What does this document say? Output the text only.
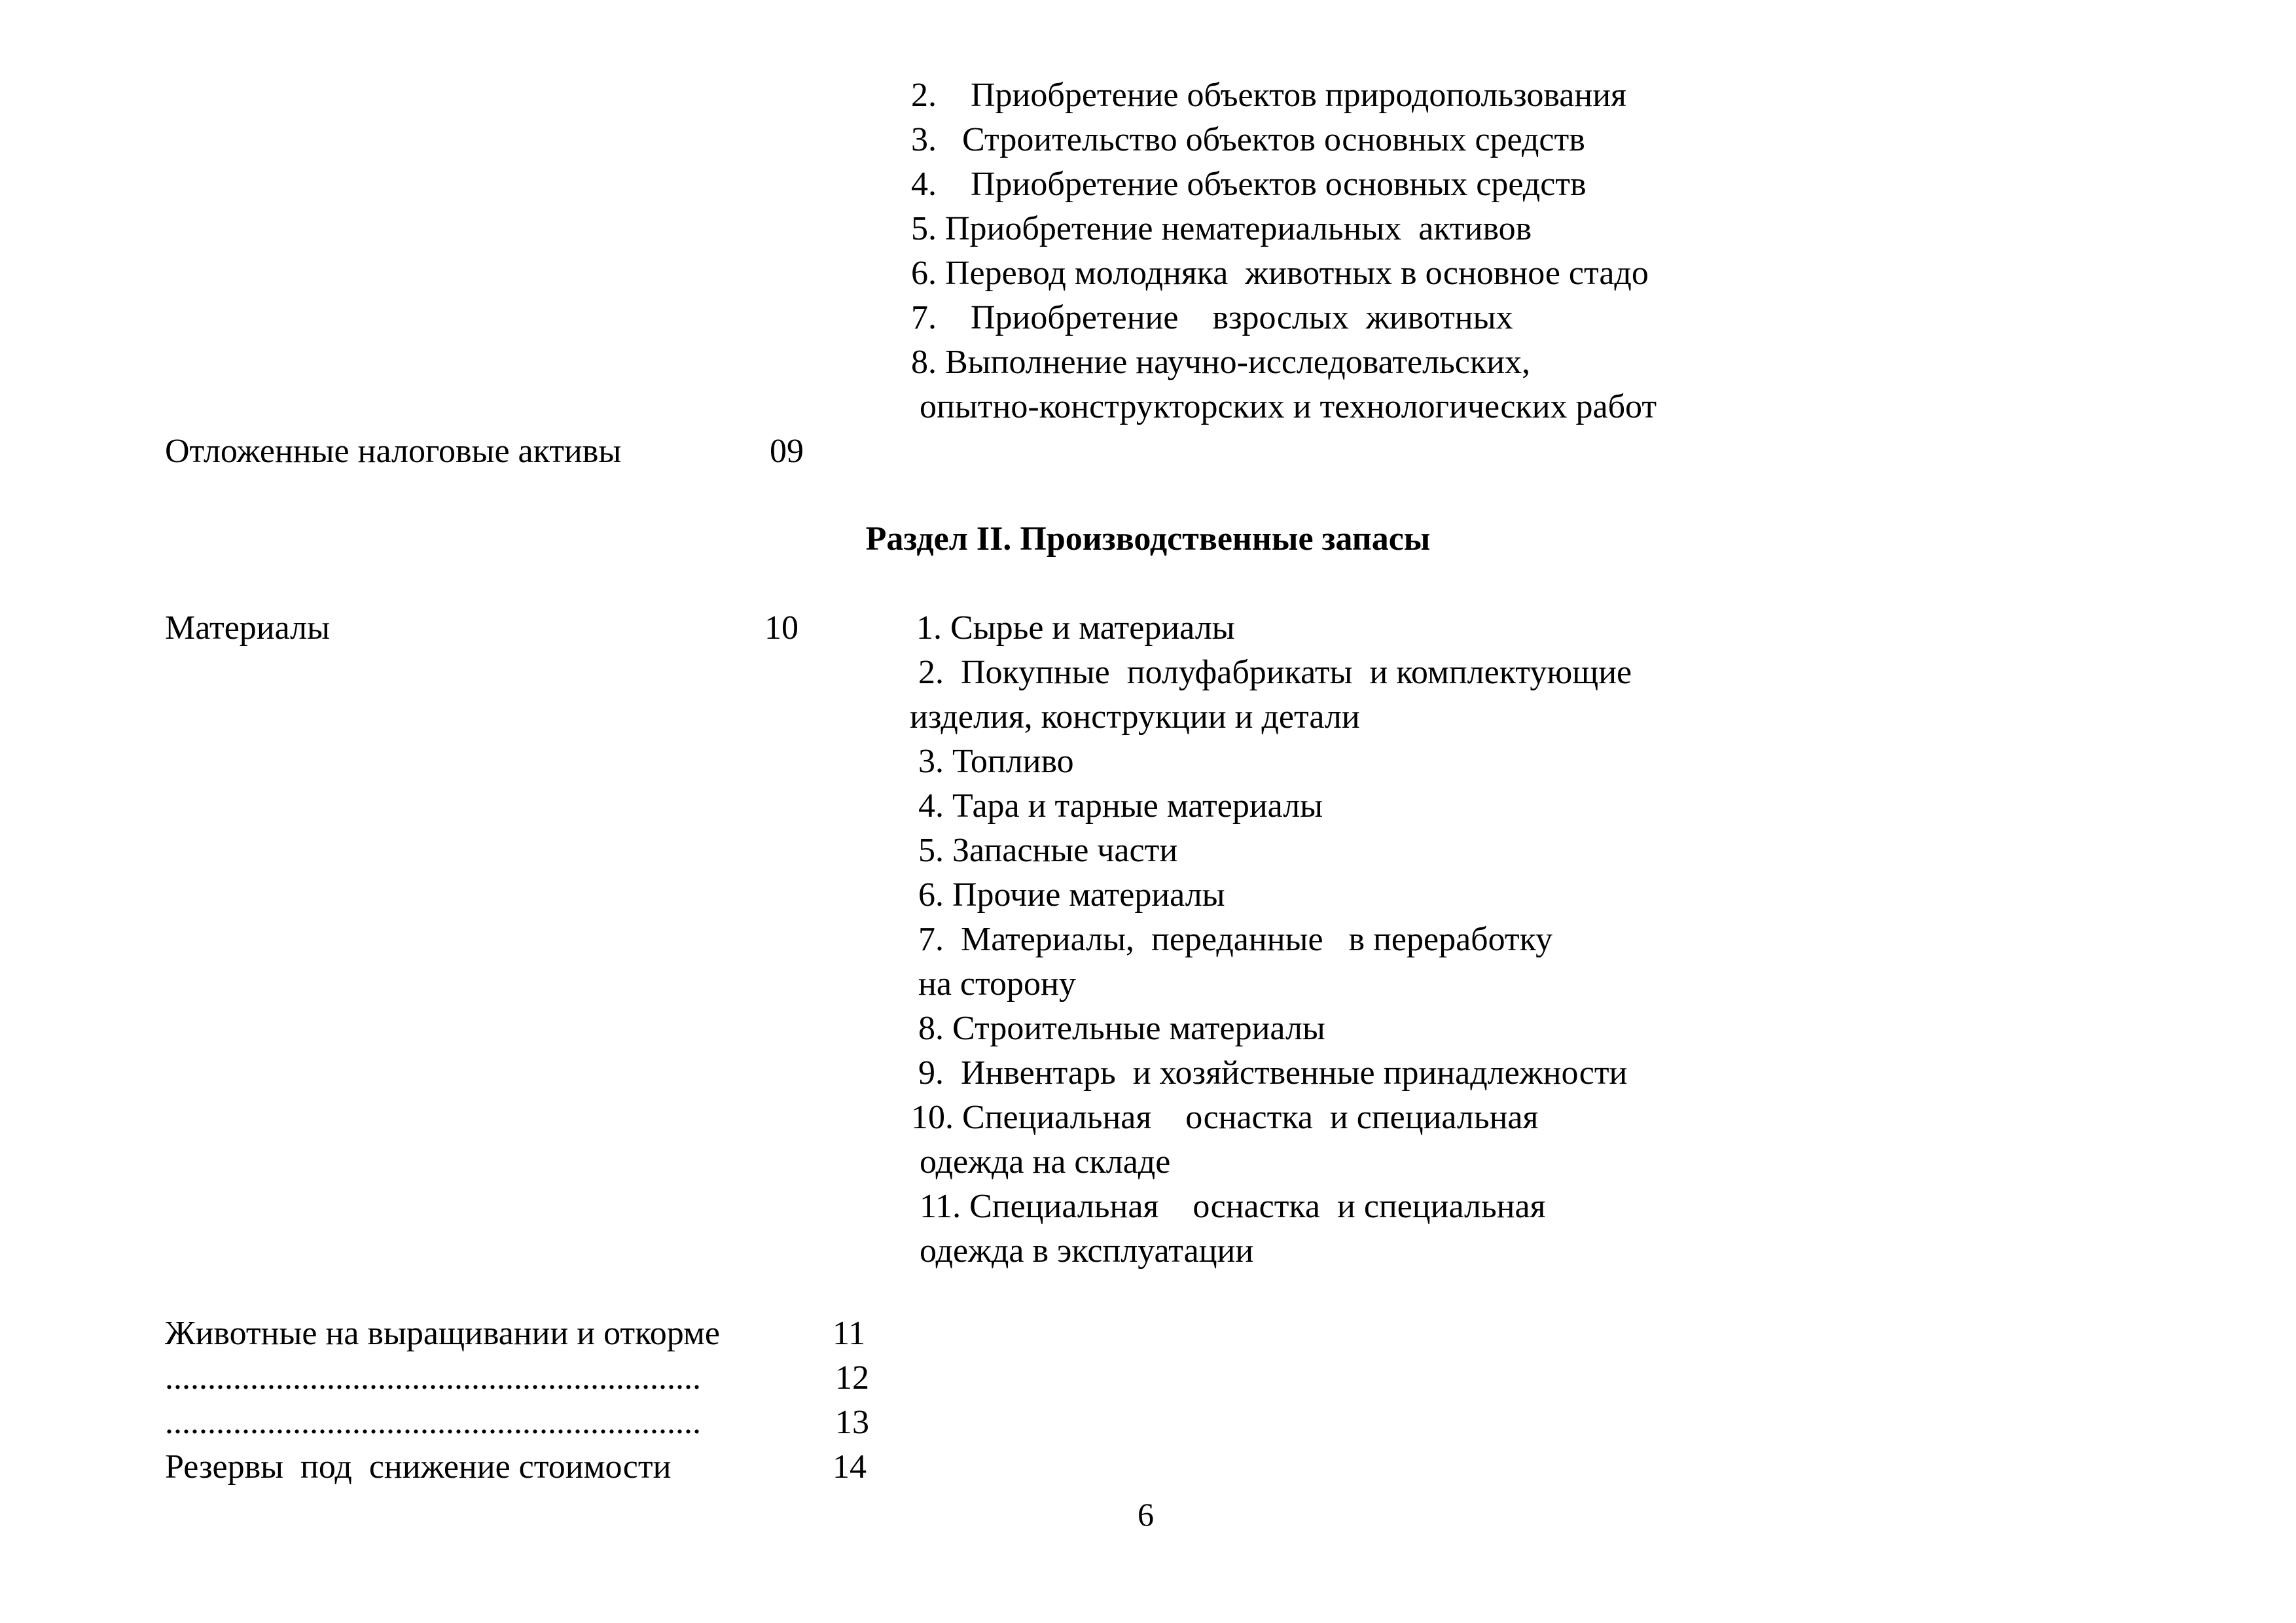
2.    Приобретение объектов природопользования
3.   Строительство объектов основных средств
4.    Приобретение объектов основных средств
5. Приобретение нематериальных  активов
6. Перевод молодняка  животных в основное стадо
7.    Приобретение    взрослых  животных
8. Выполнение научно-исследовательских,
опытно-конструкторских и технологических работ
Отложенные налоговые активы	09
Раздел II. Производственные запасы
Материалы	10	1. Сырье и материалы
2.  Покупные  полуфабрикаты  и комплектующие
изделия, конструкции и детали
3. Топливо
4. Тара и тарные материалы
5. Запасные части
6. Прочие материалы
7.  Материалы,  переданные   в переработку
на сторону
8. Строительные материалы
9.  Инвентарь  и хозяйственные принадлежности
10. Специальная    оснастка  и специальная
одежда на складе
11. Специальная    оснастка  и специальная
одежда в эксплуатации
Животные на выращивании и откорме	11
...............................................................	12
...............................................................	13
Резервы  под  снижение стоимости	14
6
